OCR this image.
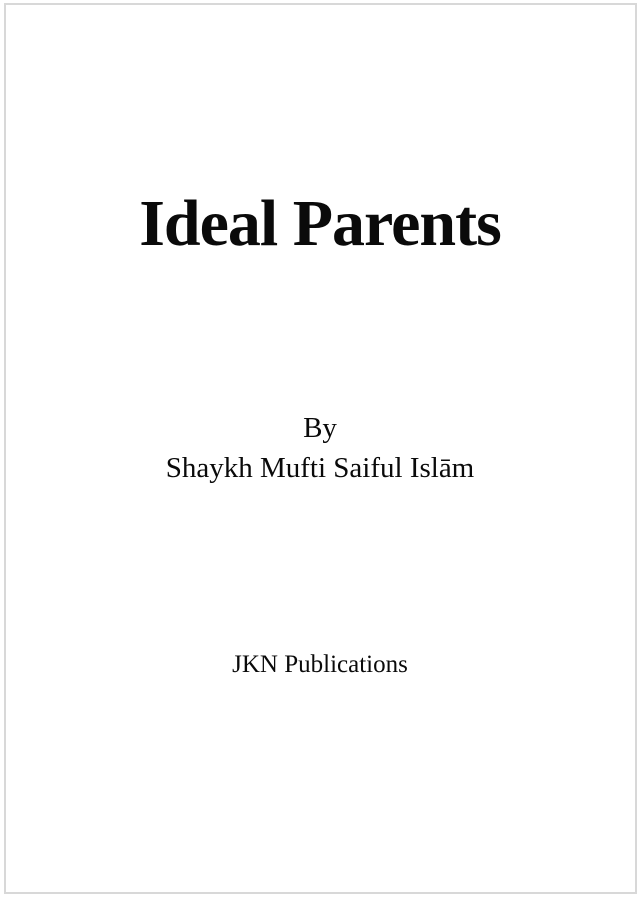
Ideal Parents
By
Shaykh Mufti Saiful Islām
JKN Publications
